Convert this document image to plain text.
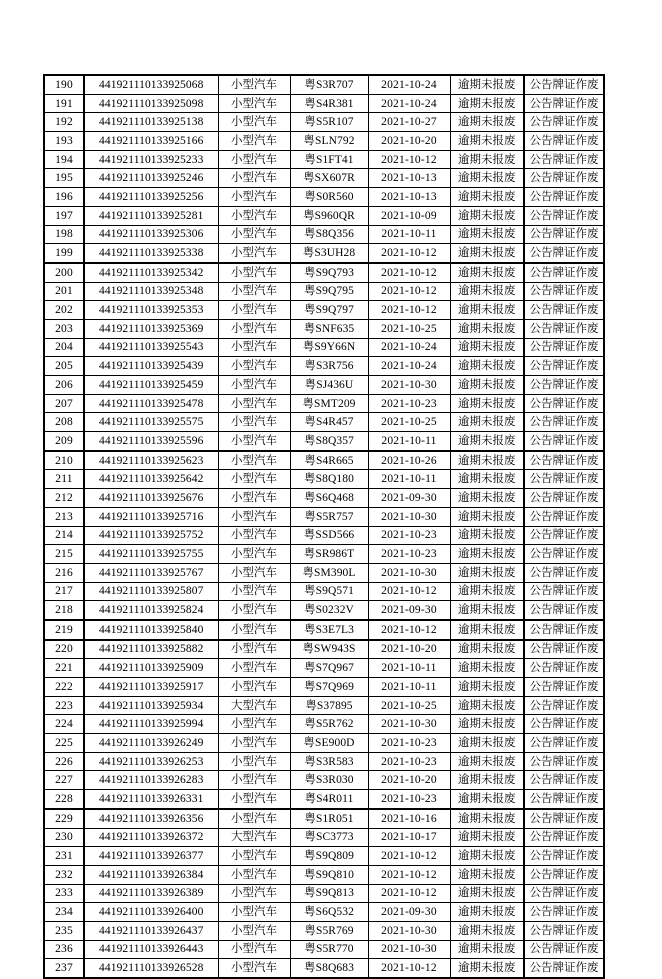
190	441921110133925068	小型汽车	粤S3R707	2021-10-24	逾期未报废	公告牌证作废
191	441921110133925098	小型汽车	粤S4R381	2021-10-24	逾期未报废	公告牌证作废
192	441921110133925138	小型汽车	粤S5R107	2021-10-27	逾期未报废	公告牌证作废
193	441921110133925166	小型汽车	粤SLN792	2021-10-20	逾期未报废	公告牌证作废
194	441921110133925233	小型汽车	粤S1FT41	2021-10-12	逾期未报废	公告牌证作废
195	441921110133925246	小型汽车	粤SX607R	2021-10-13	逾期未报废	公告牌证作废
196	441921110133925256	小型汽车	粤S0R560	2021-10-13	逾期未报废	公告牌证作废
197	441921110133925281	小型汽车	粤S960QR	2021-10-09	逾期未报废	公告牌证作废
198	441921110133925306	小型汽车	粤S8Q356	2021-10-11	逾期未报废	公告牌证作废
199	441921110133925338	小型汽车	粤S3UH28	2021-10-12	逾期未报废	公告牌证作废
200	441921110133925342	小型汽车	粤S9Q793	2021-10-12	逾期未报废	公告牌证作废
201	441921110133925348	小型汽车	粤S9Q795	2021-10-12	逾期未报废	公告牌证作废
202	441921110133925353	小型汽车	粤S9Q797	2021-10-12	逾期未报废	公告牌证作废
203	441921110133925369	小型汽车	粤SNF635	2021-10-25	逾期未报废	公告牌证作废
204	441921110133925543	小型汽车	粤S9Y66N	2021-10-24	逾期未报废	公告牌证作废
205	441921110133925439	小型汽车	粤S3R756	2021-10-24	逾期未报废	公告牌证作废
206	441921110133925459	小型汽车	粤SJ436U	2021-10-30	逾期未报废	公告牌证作废
207	441921110133925478	小型汽车	粤SMT209	2021-10-23	逾期未报废	公告牌证作废
208	441921110133925575	小型汽车	粤S4R457	2021-10-25	逾期未报废	公告牌证作废
209	441921110133925596	小型汽车	粤S8Q357	2021-10-11	逾期未报废	公告牌证作废
210	441921110133925623	小型汽车	粤S4R665	2021-10-26	逾期未报废	公告牌证作废
211	441921110133925642	小型汽车	粤S8Q180	2021-10-11	逾期未报废	公告牌证作废
212	441921110133925676	小型汽车	粤S6Q468	2021-09-30	逾期未报废	公告牌证作废
213	441921110133925716	小型汽车	粤S5R757	2021-10-30	逾期未报废	公告牌证作废
214	441921110133925752	小型汽车	粤SSD566	2021-10-23	逾期未报废	公告牌证作废
215	441921110133925755	小型汽车	粤SR986T	2021-10-23	逾期未报废	公告牌证作废
216	441921110133925767	小型汽车	粤SM390L	2021-10-30	逾期未报废	公告牌证作废
217	441921110133925807	小型汽车	粤S9Q571	2021-10-12	逾期未报废	公告牌证作废
218	441921110133925824	小型汽车	粤S0232V	2021-09-30	逾期未报废	公告牌证作废
219	441921110133925840	小型汽车	粤S3E7L3	2021-10-12	逾期未报废	公告牌证作废
220	441921110133925882	小型汽车	粤SW943S	2021-10-20	逾期未报废	公告牌证作废
221	441921110133925909	小型汽车	粤S7Q967	2021-10-11	逾期未报废	公告牌证作废
222	441921110133925917	小型汽车	粤S7Q969	2021-10-11	逾期未报废	公告牌证作废
223	441921110133925934	大型汽车	粤S37895	2021-10-25	逾期未报废	公告牌证作废
224	441921110133925994	小型汽车	粤S5R762	2021-10-30	逾期未报废	公告牌证作废
225	441921110133926249	小型汽车	粤SE900D	2021-10-23	逾期未报废	公告牌证作废
226	441921110133926253	小型汽车	粤S3R583	2021-10-23	逾期未报废	公告牌证作废
227	441921110133926283	小型汽车	粤S3R030	2021-10-20	逾期未报废	公告牌证作废
228	441921110133926331	小型汽车	粤S4R011	2021-10-23	逾期未报废	公告牌证作废
229	441921110133926356	小型汽车	粤S1R051	2021-10-16	逾期未报废	公告牌证作废
230	441921110133926372	大型汽车	粤SC3773	2021-10-17	逾期未报废	公告牌证作废
231	441921110133926377	小型汽车	粤S9Q809	2021-10-12	逾期未报废	公告牌证作废
232	441921110133926384	小型汽车	粤S9Q810	2021-10-12	逾期未报废	公告牌证作废
233	441921110133926389	小型汽车	粤S9Q813	2021-10-12	逾期未报废	公告牌证作废
234	441921110133926400	小型汽车	粤S6Q532	2021-09-30	逾期未报废	公告牌证作废
235	441921110133926437	小型汽车	粤S5R769	2021-10-30	逾期未报废	公告牌证作废
236	441921110133926443	小型汽车	粤S5R770	2021-10-30	逾期未报废	公告牌证作废
237	441921110133926528	小型汽车	粤S8Q683	2021-10-12	逾期未报废	公告牌证作废
